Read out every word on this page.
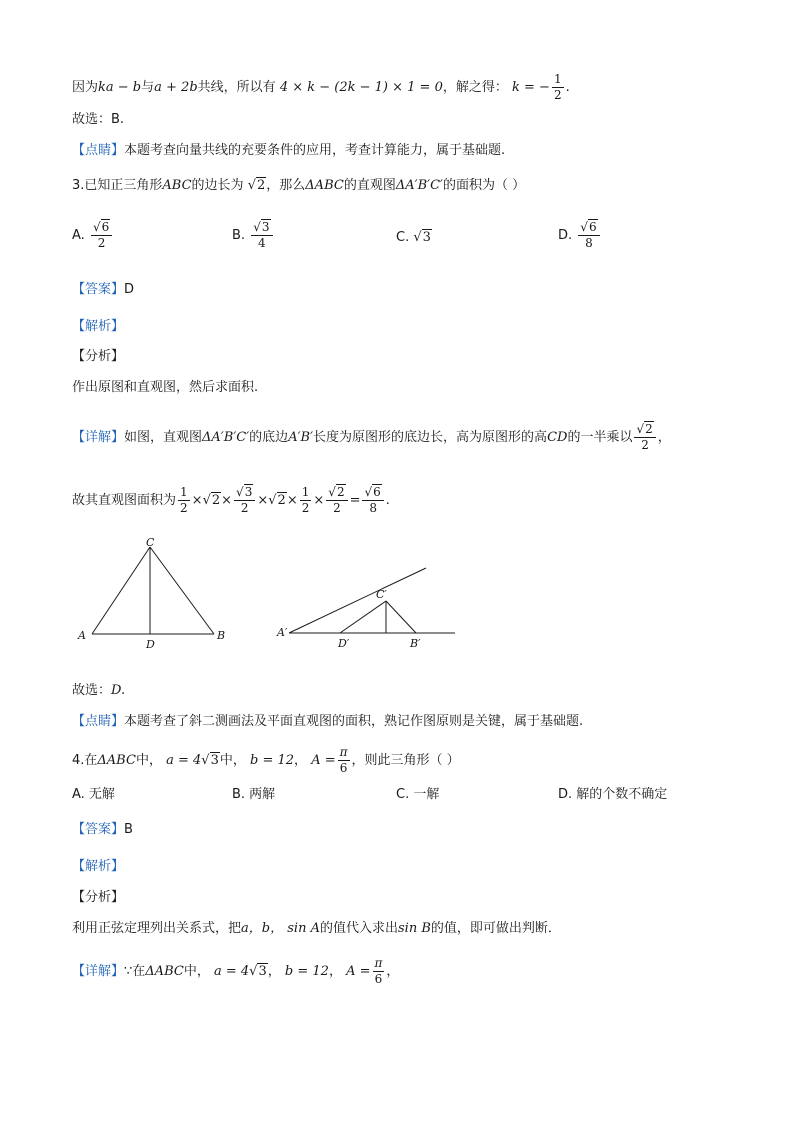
因为ka − b与a + 2b共线，所以有 4 × k − (2k − 1) × 1 = 0，解之得： k = − $\frac{1}{2}$ .
故选：B.
【点睛】本题考查向量共线的充要条件的应用，考查计算能力，属于基础题.
3.已知正三角形ABC的边长为 √2，那么ΔABC的直观图ΔA′B′C′的面积为（ ）
A. $\frac{√6}{2}$	B. $\frac{√3}{4}$	C. √3	D. $\frac{√6}{8}$
【答案】D
【解析】
【分析】
作出原图和直观图，然后求面积.
【详解】如图，直观图ΔA′B′C′的底边A′B′长度为原图形的底边长，高为原图形的高CD的一半乘以 $\frac{√2}{2}$ ，
故其直观图面积为 $\frac{1}{2} \times√2\times \frac{√3}{2} \times√2\times \frac{1}{2} \times \frac{√2}{2} = \frac{√6}{8}$ .
C
A
D
B
C′
A′
D′	B′
故选：D.
【点睛】本题考查了斜二测画法及平面直观图的面积，熟记作图原则是关键，属于基础题.
4.在ΔABC中， a = 4√3中， b = 12， $A = \frac{\pi}{6}$ ，则此三角形（ ）
A. 无解	B. 两解	C. 一解	D. 解的个数不确定
【答案】B
【解析】
【分析】
利用正弦定理列出关系式，把a，b， sin A的值代入求出sin B的值，即可做出判断．
【详解】∵在ΔABC中， a = 4√3， b = 12， $A = \frac{\pi}{6}$ ，
